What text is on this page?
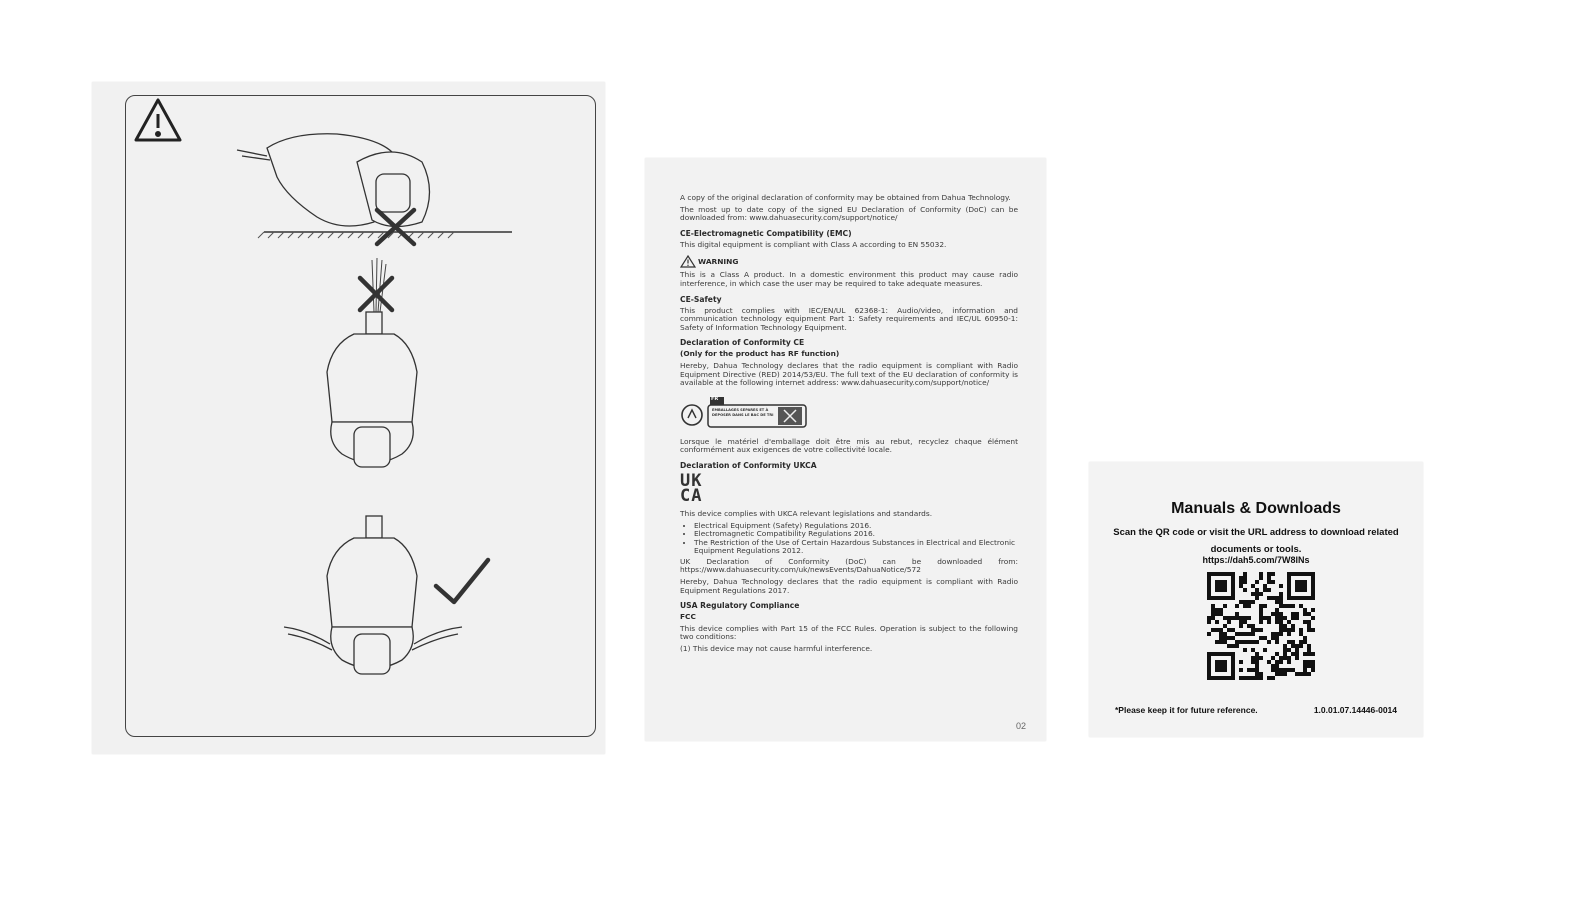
A copy of the original declaration of conformity may be obtained from Dahua Technology.

The most up to date copy of the signed EU Declaration of Conformity (DoC) can be downloaded from: www.dahuasecurity.com/support/notice/

CE-Electromagnetic Compatibility (EMC)

This digital equipment is compliant with Class A according to EN 55032.

WARNING

This is a Class A product. In a domestic environment this product may cause radio interference, in which case the user may be required to take adequate measures.

CE-Safety

This product complies with IEC/EN/UL 62368-1: Audio/video, information and communication technology equipment Part 1: Safety requirements and IEC/UL 60950-1: Safety of Information Technology Equipment.

Declaration of Conformity CE
(Only for the product has RF function)

Hereby, Dahua Technology declares that the radio equipment is compliant with Radio Equipment Directive (RED) 2014/53/EU. The full text of the EU declaration of conformity is available at the following internet address: www.dahuasecurity.com/support/notice/

FR
EMBALLAGES SEPARES ET À DEPOSER DANS LE BAC DE TRI

Lorsque le matériel d'emballage doit être mis au rebut, recyclez chaque élément conformément aux exigences de votre collectivité locale.

Declaration of Conformity UKCA
UK
CA

This device complies with UKCA relevant legislations and standards.

• Electrical Equipment (Safety) Regulations 2016.
• Electromagnetic Compatibility Regulations 2016.
• The Restriction of the Use of Certain Hazardous Substances in Electrical and Electronic Equipment Regulations 2012.

UK Declaration of Conformity (DoC) can be downloaded from: https://www.dahuasecurity.com/uk/newsEvents/DahuaNotice/572

Hereby, Dahua Technology declares that the radio equipment is compliant with Radio Equipment Regulations 2017.

USA Regulatory Compliance
FCC

This device complies with Part 15 of the FCC Rules. Operation is subject to the following two conditions:

(1) This device may not cause harmful interference.

02
Manuals & Downloads
Scan the QR code or visit the URL address to download related documents or tools.
https://dah5.com/7W8lNs
*Please keep it for future reference.	1.0.01.07.14446-0014
